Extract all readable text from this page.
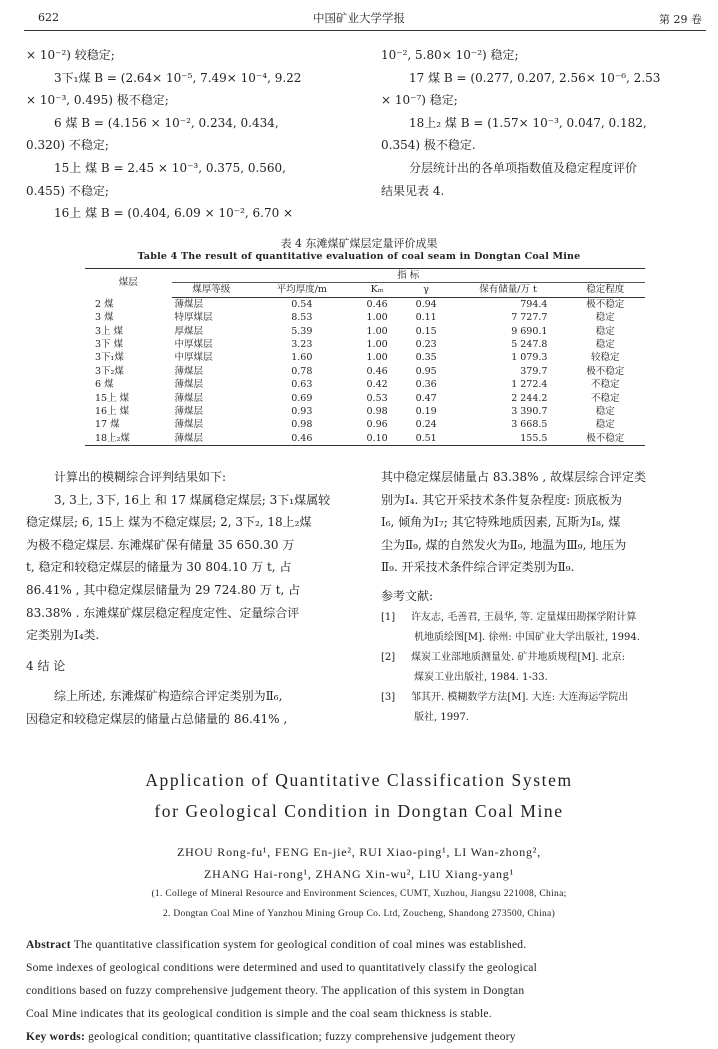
622	中国矿业大学学报	第 29 卷
× 10⁻²) 较稳定;
3下₁煤 B = (2.64× 10⁻⁵, 7.49× 10⁻⁴, 9.22
× 10⁻³, 0.495) 极不稳定;
6 煤 B = (4.156 × 10⁻², 0.234, 0.434,
0.320) 不稳定;
15上 煤 B = 2.45 × 10⁻³, 0.375, 0.560,
0.455) 不稳定;
16上 煤 B = (0.404, 6.09 × 10⁻², 6.70 ×
10⁻², 5.80× 10⁻²) 稳定;
17 煤 B = (0.277, 0.207, 2.56× 10⁻⁶, 2.53
× 10⁻⁷) 稳定;
18上₂ 煤 B = (1.57× 10⁻³, 0.047, 0.182,
0.354) 极不稳定.
分层统计出的各单项指数值及稳定程度评价
结果见表 4.
表 4 东滩煤矿煤层定量评价成果
Table 4 The result of quantitative evaluation of coal seam in Dongtan Coal Mine
煤层	指 标					
	煤厚等级	平均厚度/m	Kₘ	γ	保有储量/万 t	稳定程度
2 煤	薄煤层	0.54	0.46	0.94	794.4	极不稳定
3 煤	特厚煤层	8.53	1.00	0.11	7 727.7	稳定
3上 煤	厚煤层	5.39	1.00	0.15	9 690.1	稳定
3下 煤	中厚煤层	3.23	1.00	0.23	5 247.8	稳定
3下₁煤	中厚煤层	1.60	1.00	0.35	1 079.3	较稳定
3下₂煤	薄煤层	0.78	0.46	0.95	379.7	极不稳定
6 煤	薄煤层	0.63	0.42	0.36	1 272.4	不稳定
15上 煤	薄煤层	0.69	0.53	0.47	2 244.2	不稳定
16上 煤	薄煤层	0.93	0.98	0.19	3 390.7	稳定
17 煤	薄煤层	0.98	0.96	0.24	3 668.5	稳定
18上₂煤	薄煤层	0.46	0.10	0.51	155.5	极不稳定
计算出的模糊综合评判结果如下:
3, 3上, 3下, 16上 和 17 煤属稳定煤层; 3下₁煤属较
稳定煤层; 6, 15上 煤为不稳定煤层; 2, 3下₂, 18上₂煤
为极不稳定煤层. 东滩煤矿保有储量 35 650.30 万
t, 稳定和较稳定煤层的储量为 30 804.10 万 t, 占
86.41% , 其中稳定煤层储量为 29 724.80 万 t, 占
83.38% . 东滩煤矿煤层稳定程度定性、定量综合评
定类别为Ⅰ₄类.
4 结 论
综上所述, 东滩煤矿构造综合评定类别为Ⅱ₆,
因稳定和较稳定煤层的储量占总储量的 86.41% ,
其中稳定煤层储量占 83.38% , 故煤层综合评定类
别为Ⅰ₄. 其它开采技术条件复杂程度: 顶底板为
Ⅰ₆, 倾角为Ⅰ₇; 其它特殊地质因素, 瓦斯为Ⅰ₈, 煤
尘为Ⅱ₉, 煤的自然发火为Ⅱ₉, 地温为Ⅲ₉, 地压为
Ⅱ₉. 开采技术条件综合评定类别为Ⅱ₉.
参考文献:
[1] 许友志, 毛善君, 王晨华, 等. 定量煤田勘探学附计算
机地质绘图[M]. 徐州: 中国矿业大学出版社, 1994.
[2] 煤炭工业部地质测量处. 矿井地质规程[M]. 北京:
煤炭工业出版社, 1984. 1-33.
[3] 邹其开. 模糊数学方法[M]. 大连: 大连海运学院出
版社, 1997.
Application of Quantitative Classification System
for Geological Condition in Dongtan Coal Mine
ZHOU Rong-fu¹, FENG En-jie², RUI Xiao-ping¹, LI Wan-zhong²,
ZHANG Hai-rong¹, ZHANG Xin-wu², LIU Xiang-yang¹
(1. College of Mineral Resource and Environment Sciences, CUMT, Xuzhou, Jiangsu 221008, China;
2. Dongtan Coal Mine of Yanzhou Mining Group Co. Ltd, Zoucheng, Shandong 273500, China)
Abstract The quantitative classification system for geological condition of coal mines was established.
Some indexes of geological conditions were determined and used to quantitatively classify the geological
conditions based on fuzzy comprehensive judgement theory. The application of this system in Dongtan
Coal Mine indicates that its geological condition is simple and the coal seam thickness is stable.
Key words: geological condition; quantitative classification; fuzzy comprehensive judgement theory
